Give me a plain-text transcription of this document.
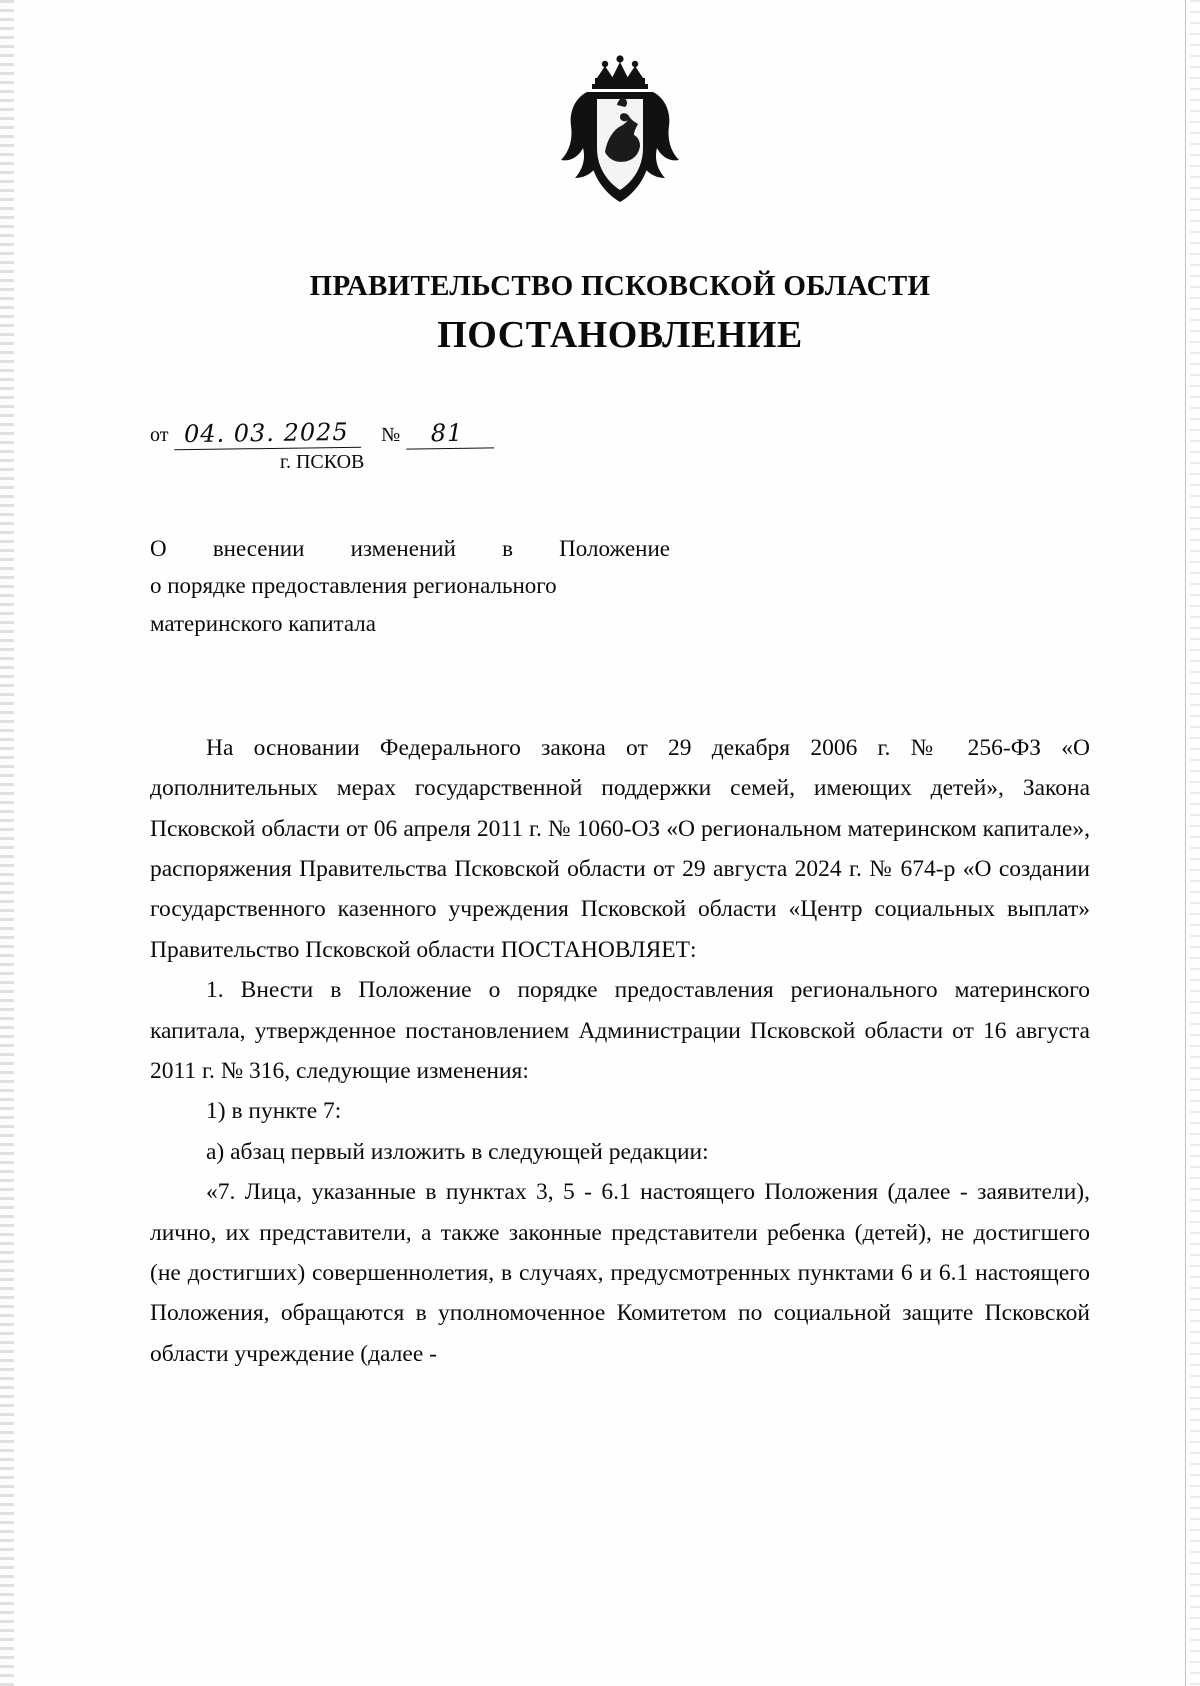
ПРАВИТЕЛЬСТВО ПСКОВСКОЙ ОБЛАСТИ
ПОСТАНОВЛЕНИЕ
от 04. 03. 2025	№	81
г. ПСКОВ
О внесении изменений в Положение
о порядке предоставления регионального
материнского капитала

На основании Федерального закона от 29 декабря 2006 г. № 256-ФЗ «О дополнительных мерах государственной поддержки семей, имеющих детей», Закона Псковской области от 06 апреля 2011 г. № 1060-ОЗ «О региональном материнском капитале», распоряжения Правительства Псковской области от 29 августа 2024 г. № 674-р «О создании государственного казенного учреждения Псковской области «Центр социальных выплат» Правительство Псковской области ПОСТАНОВЛЯЕТ:

1. Внести в Положение о порядке предоставления регионального материнского капитала, утвержденное постановлением Администрации Псковской области от 16 августа 2011 г. № 316, следующие изменения:

1) в пункте 7:

а) абзац первый изложить в следующей редакции:

«7. Лица, указанные в пунктах 3, 5 - 6.1 настоящего Положения (далее - заявители), лично, их представители, а также законные представители ребенка (детей), не достигшего (не достигших) совершеннолетия, в случаях, предусмотренных пунктами 6 и 6.1 настоящего Положения, обращаются в уполномоченное Комитетом по социальной защите Псковской области учреждение (далее -
